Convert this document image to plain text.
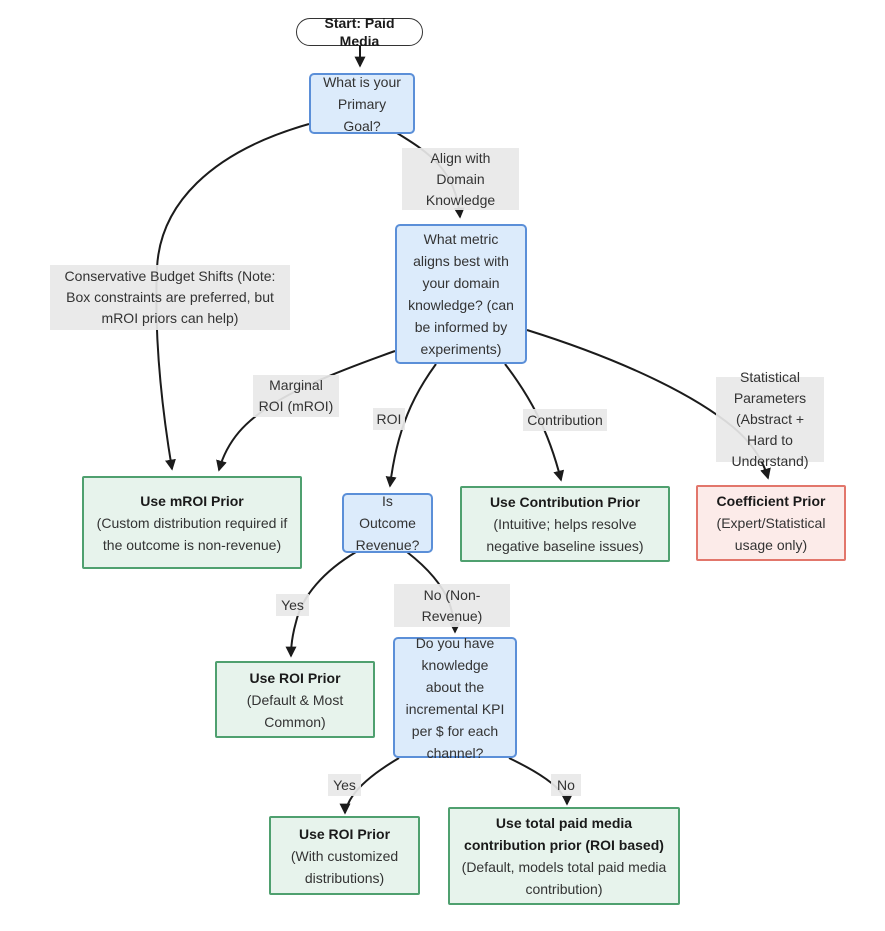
Align with Domain Knowledge
Conservative Budget Shifts (Note: Box constraints are preferred, but mROI priors can help)
Marginal ROI (mROI)
ROI	Contribution
Statistical Parameters (Abstract + Hard to Understand)
Yes
No (Non-Revenue)
Yes	No
Start: Paid Media
What is your Primary Goal?
What metric aligns best with your domain knowledge? (can be informed by experiments)
Is Outcome Revenue?
Do you have knowledge about the incremental KPI per $ for each channel?
Use mROI Prior
(Custom distribution required if the outcome is non-revenue)
Use Contribution Prior
(Intuitive; helps resolve negative baseline issues)
Coefficient Prior
(Expert/Statistical usage only)
Use ROI Prior
(Default & Most Common)
Use ROI Prior
(With customized distributions)
Use total paid media contribution prior (ROI based)
(Default, models total paid media contribution)
